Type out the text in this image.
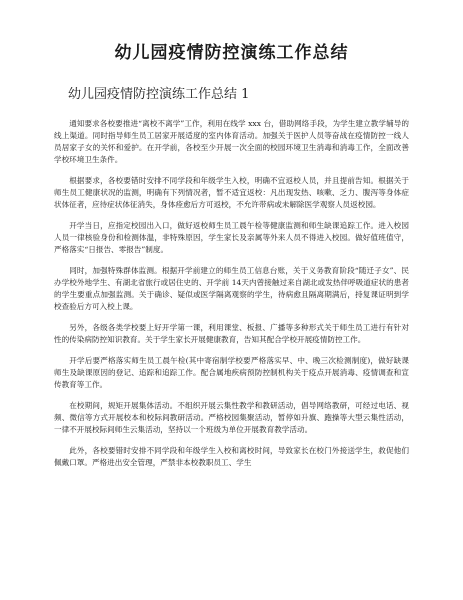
幼儿园疫情防控演练工作总结
幼儿园疫情防控演练工作总结 1

通知要求各校要推进“离校不离学”工作，利用在线学 xxx 台，借助网络手段，为学生建立教学辅导的线上渠道。同时指导师生员工居家开展适度的室内体育活动。加强关于医护人员等奋战在疫情防控一线人员居家子女的关怀和爱护。在开学前，各校至少开展一次全面的校园环境卫生消毒和消毒工作，全面改善学校环境卫生条件。

根据要求，各校要错时安排不同学段和年级学生入校，明确不宜返校人员，并且提前告知。根据关于师生员工健康状况的监测，明确有下列情况者，暂不适宜返校：凡出现发热、咳嗽、乏力、腹泻等身体症状体征者，应待症状体征消失，身体痊愈后方可返校，不允许带病或未解除医学观察人员返校园。

开学当日，应指定校园出入口，做好返校师生员工晨午检等健康监测和师生缺课追踪工作。进入校园人员一律核验身份和检测体温，非特殊原因，学生家长及亲属等外来人员不得进入校园。做好值班值守，严格落实“日报告、零报告”制度。

同时，加强特殊群体监测。根据开学前建立的师生员工信息台账，关于义务教育阶段“随迁子女”、民办学校外地学生、有湖北省旅行或居住史的、开学前 14天内曾接触过来自湖北或发热伴呼吸道症状的患者的学生要重点加强监测。关于确诊、疑似或医学隔离观察的学生，待病愈且隔离期满后，持复课证明到学校查验后方可入校上课。

另外，各级各类学校要上好开学第一课，利用课堂、板报、广播等多种形式关于师生员工进行有针对性的传染病防控知识教育。关于学生家长开展健康教育，告知其配合学校开展疫情防控工作。

开学后要严格落实师生员工晨午检(其中寄宿制学校要严格落实早、中、晚三次检测制度)，做好缺课师生及缺课原因的登记、追踪和追踪工作。配合属地疾病预防控制机构关于疫点开展消毒、疫情调查和宣传教育等工作。

在校期间，规矩开展集体活动。不组织开展云集性教学和教研活动，倡导网络教研，可经过电话、视频、微信等方式开展校本和校际间教研活动。严格校园集聚活动，暂停如升旗、跑操等大型云集性活动，一律不开展校际间师生云集活动，坚持以一个班级为单位开展教育教学活动。

此外，各校要错时安排不同学段和年级学生入校和离校时间，导致家长在校门外接送学生，救促他们佩戴口罩。严格进出安全管理，严禁非本校教职员工、学生
